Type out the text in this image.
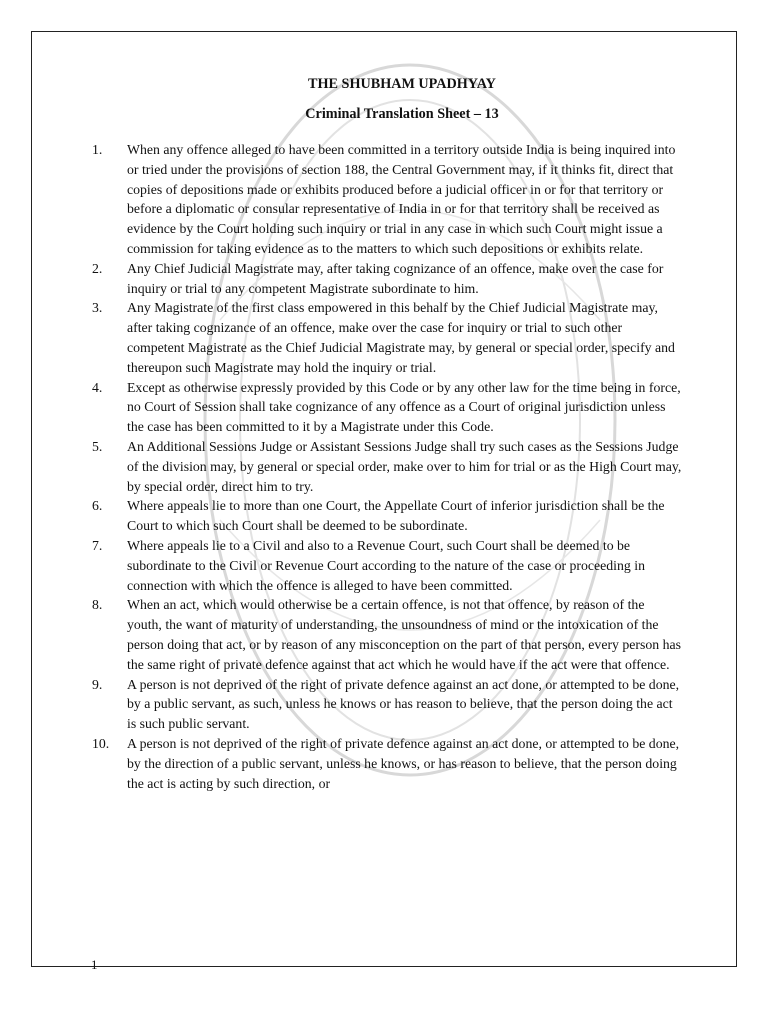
THE SHUBHAM UPADHYAY
Criminal Translation Sheet – 13
1. When any offence alleged to have been committed in a territory outside India is being inquired into or tried under the provisions of section 188, the Central Government may, if it thinks fit, direct that copies of depositions made or exhibits produced before a judicial officer in or for that territory or before a diplomatic or consular representative of India in or for that territory shall be received as evidence by the Court holding such inquiry or trial in any case in which such Court might issue a commission for taking evidence as to the matters to which such depositions or exhibits relate.
2. Any Chief Judicial Magistrate may, after taking cognizance of an offence, make over the case for inquiry or trial to any competent Magistrate subordinate to him.
3. Any Magistrate of the first class empowered in this behalf by the Chief Judicial Magistrate may, after taking cognizance of an offence, make over the case for inquiry or trial to such other competent Magistrate as the Chief Judicial Magistrate may, by general or special order, specify and thereupon such Magistrate may hold the inquiry or trial.
4. Except as otherwise expressly provided by this Code or by any other law for the time being in force, no Court of Session shall take cognizance of any offence as a Court of original jurisdiction unless the case has been committed to it by a Magistrate under this Code.
5. An Additional Sessions Judge or Assistant Sessions Judge shall try such cases as the Sessions Judge of the division may, by general or special order, make over to him for trial or as the High Court may, by special order, direct him to try.
6. Where appeals lie to more than one Court, the Appellate Court of inferior jurisdiction shall be the Court to which such Court shall be deemed to be subordinate.
7. Where appeals lie to a Civil and also to a Revenue Court, such Court shall be deemed to be subordinate to the Civil or Revenue Court according to the nature of the case or proceeding in connection with which the offence is alleged to have been committed.
8. When an act, which would otherwise be a certain offence, is not that offence, by reason of the youth, the want of maturity of understanding, the unsoundness of mind or the intoxication of the person doing that act, or by reason of any misconception on the part of that person, every person has the same right of private defence against that act which he would have if the act were that offence.
9. A person is not deprived of the right of private defence against an act done, or attempted to be done, by a public servant, as such, unless he knows or has reason to believe, that the person doing the act is such public servant.
10. A person is not deprived of the right of private defence against an act done, or attempted to be done, by the direction of a public servant, unless he knows, or has reason to believe, that the person doing the act is acting by such direction, or
1
